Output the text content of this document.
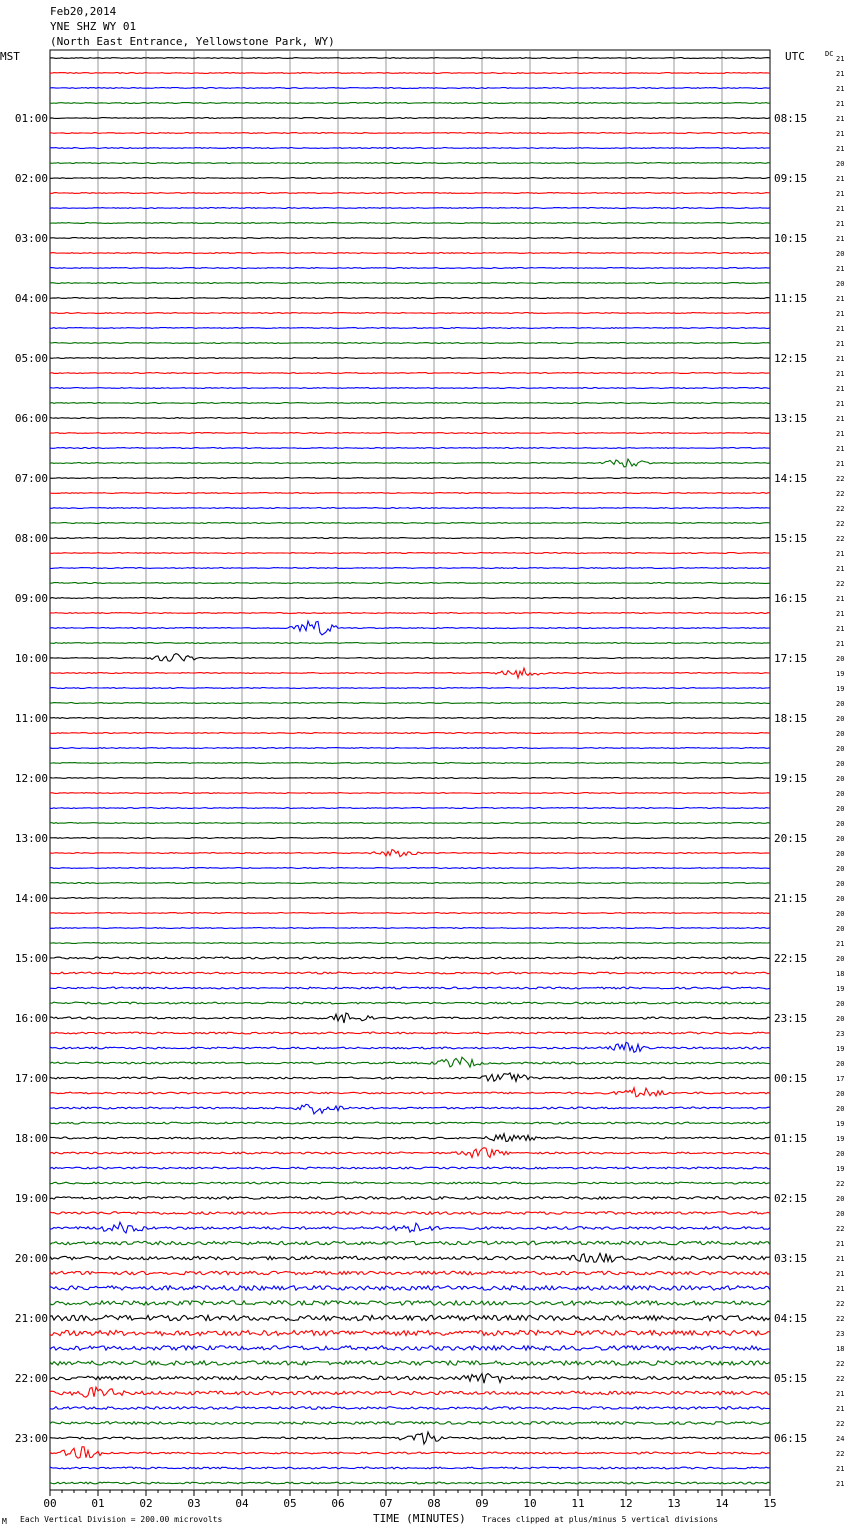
Feb20,2014
YNE SHZ WY 01
(North East Entrance, Yellowstone Park, WY)
MST	UTC	DC
01:00
02:00
03:00
04:00
05:00
06:00
07:00
08:00
09:00
10:00
11:00
12:00
13:00
14:00
15:00
16:00
17:00
18:00
19:00
20:00
21:00
22:00
23:00
08:15
09:15
10:15
11:15
12:15
13:15
14:15
15:15
16:15
17:15
18:15
19:15
20:15
21:15
22:15
23:15
00:15
01:15
02:15
03:15
04:15
05:15
06:15
21
21
21
21
21
21
21
20
21
21
21
21
21
20
21
20
21
21
21
21
21
21
21
21
21
21
21
21
22
22
22
22
22
21
21
22
21
21
21
21
20
19
19
20
20
20
20
20
20
20
20
20
20
20
20
20
20
20
20
21
20
18
19
20
20
23
19
20
17
20
20
19
19
20
19
22
20
20
22
21
21
21
21
22
22
23
18
22
22
21
21
22
24
22
21
21
00	01	02	03	04	05	06	07	08	09	10	11	12	13	14	15
M Each Vertical Division = 200.00 microvolts	TIME (MINUTES) Traces clipped at plus/minus 5 vertical divisions
